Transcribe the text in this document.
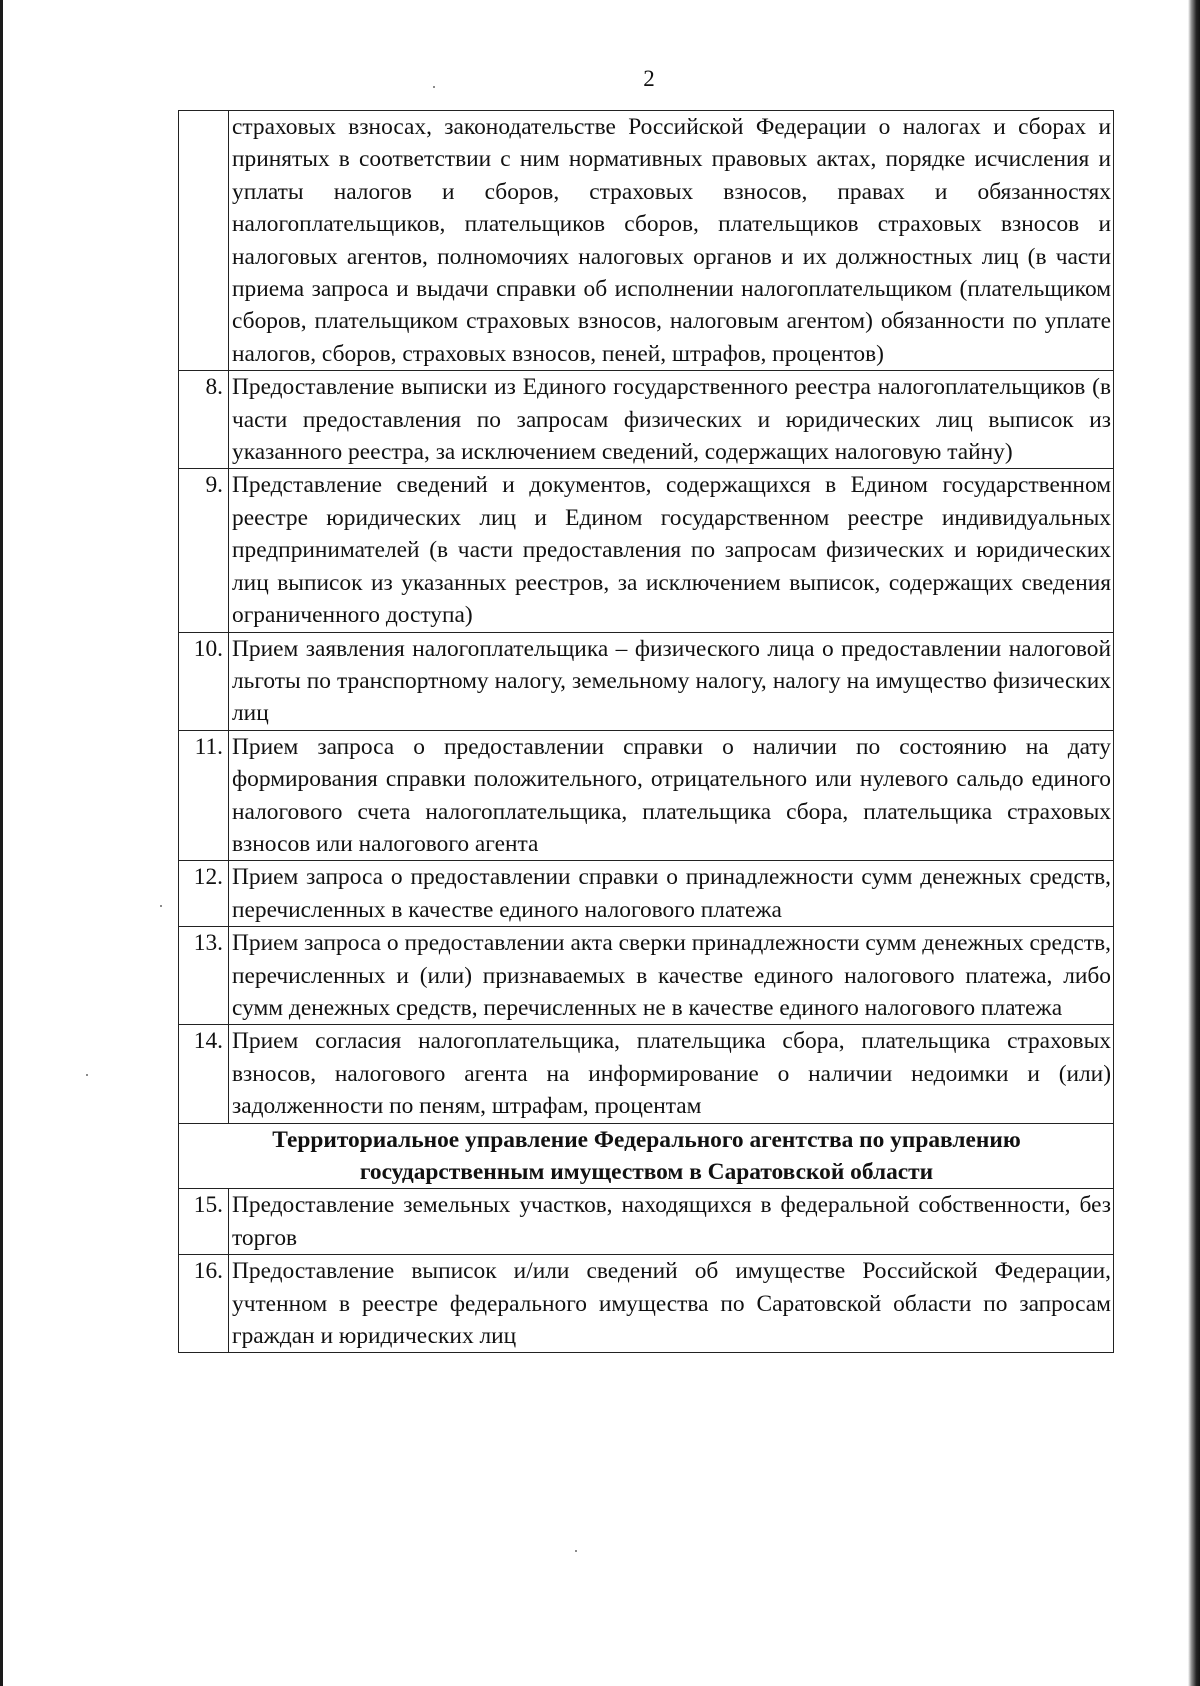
2
	страховых взносах, законодательстве Российской Федерации о налогах и сборах и принятых в соответствии с ним нормативных правовых актах, порядке исчисления и уплаты налогов и сборов, страховых взносов, правах и обязанностях налогоплательщиков, плательщиков сборов, плательщиков страховых взносов и налоговых агентов, полномочиях налоговых органов и их должностных лиц (в части приема запроса и выдачи справки об исполнении налогоплательщиком (плательщиком сборов, плательщиком страховых взносов, налоговым агентом) обязанности по уплате налогов, сборов, страховых взносов, пеней, штрафов, процентов)
8.	Предоставление выписки из Единого государственного реестра налогоплательщиков (в части предоставления по запросам физических и юридических лиц выписок из указанного реестра, за исключением сведений, содержащих налоговую тайну)
9.	Представление сведений и документов, содержащихся в Едином государственном реестре юридических лиц и Едином государственном реестре индивидуальных предпринимателей (в части предоставления по запросам физических и юридических лиц выписок из указанных реестров, за исключением выписок, содержащих сведения ограниченного доступа)
10.	Прием заявления налогоплательщика – физического лица о предоставлении налоговой льготы по транспортному налогу, земельному налогу, налогу на имущество физических лиц
11.	Прием запроса о предоставлении справки о наличии по состоянию на дату формирования справки положительного, отрицательного или нулевого сальдо единого налогового счета налогоплательщика, плательщика сбора, плательщика страховых взносов или налогового агента
12.	Прием запроса о предоставлении справки о принадлежности сумм денежных средств, перечисленных в качестве единого налогового платежа
13.	Прием запроса о предоставлении акта сверки принадлежности сумм денежных средств, перечисленных и (или) признаваемых в качестве единого налогового платежа, либо сумм денежных средств, перечисленных не в качестве единого налогового платежа
14.	Прием согласия налогоплательщика, плательщика сбора, плательщика страховых взносов, налогового агента на информирование о наличии недоимки и (или) задолженности по пеням, штрафам, процентам
Территориальное управление Федерального агентства по управлению государственным имуществом в Саратовской области	
15.	Предоставление земельных участков, находящихся в федеральной собственности, без торгов
16.	Предоставление выписок и/или сведений об имуществе Российской Федерации, учтенном в реестре федерального имущества по Саратовской области по запросам граждан и юридических лиц
